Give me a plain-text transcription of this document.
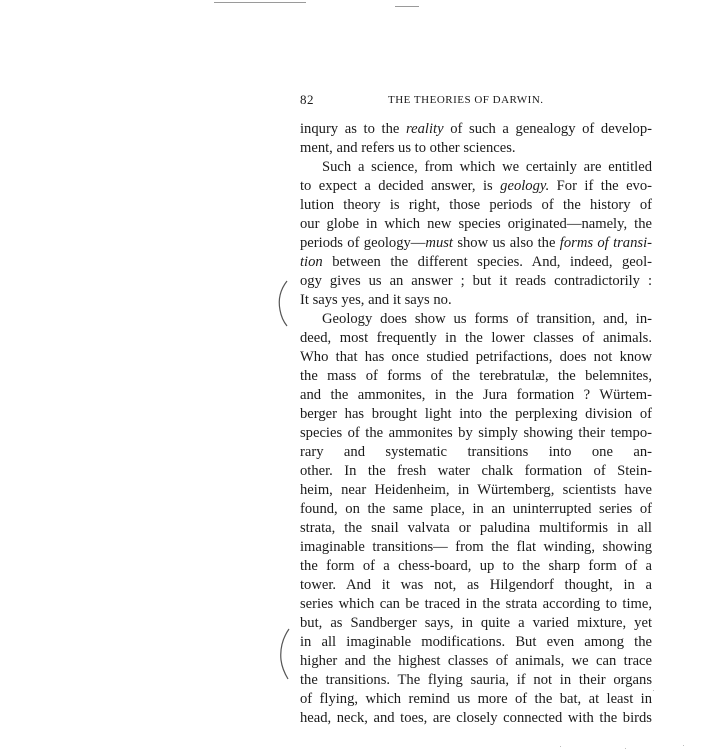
82	THE THEORIES OF DARWIN.
inqury as to the reality of such a genealogy of develop-
ment, and refers us to other sciences.
Such a science, from which we certainly are entitled
to expect a decided answer, is geology. For if the evo-
lution theory is right, those periods of the history of
our globe in which new species originated—namely, the
periods of geology—must show us also the forms of transi-
tion between the different species. And, indeed, geol-
ogy gives us an answer ; but it reads contradictorily :
It says yes, and it says no.
Geology does show us forms of transition, and, in-
deed, most frequently in the lower classes of animals.
Who that has once studied petrifactions, does not know
the mass of forms of the terebratulæ, the belemnites,
and the ammonites, in the Jura formation ? Würtem-
berger has brought light into the perplexing division of
species of the ammonites by simply showing their tempo-
rary and systematic transitions into one an-
other. In the fresh water chalk formation of Stein-
heim, near Heidenheim, in Würtemberg, scientists have
found, on the same place, in an uninterrupted series of
strata, the snail valvata or paludina multiformis in all
imaginable transitions— from the flat winding, showing
the form of a chess-board, up to the sharp form of a
tower. And it was not, as Hilgendorf thought, in a
series which can be traced in the strata according to time,
but, as Sandberger says, in quite a varied mixture, yet
in all imaginable modifications. But even among the
higher and the highest classes of animals, we can trace
the transitions. The flying sauria, if not in their organs
of flying, which remind us more of the bat, at least in
head, neck, and toes, are closely connected with the birds
